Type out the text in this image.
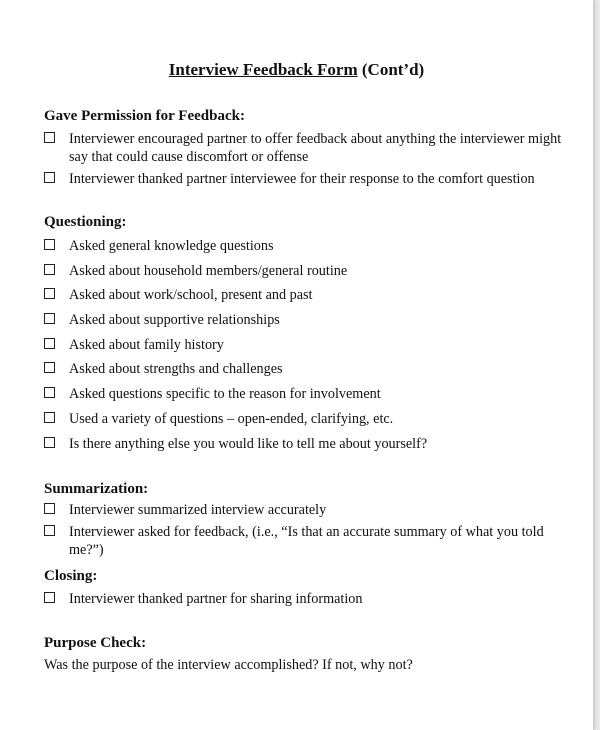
Interview Feedback Form (Cont’d)

Gave Permission for Feedback:

Interviewer encouraged partner to offer feedback about anything the interviewer might say that could cause discomfort or offense
Interviewer thanked partner interviewee for their response to the comfort question

Questioning:

Asked general knowledge questions
Asked about household members/general routine
Asked about work/school, present and past
Asked about supportive relationships
Asked about family history
Asked about strengths and challenges
Asked questions specific to the reason for involvement
Used a variety of questions – open-ended, clarifying, etc.
Is there anything else you would like to tell me about yourself?

Summarization:

Interviewer summarized interview accurately
Interviewer asked for feedback, (i.e., “Is that an accurate summary of what you told me?”)

Closing:

Interviewer thanked partner for sharing information

Purpose Check:

Was the purpose of the interview accomplished? If not, why not?
